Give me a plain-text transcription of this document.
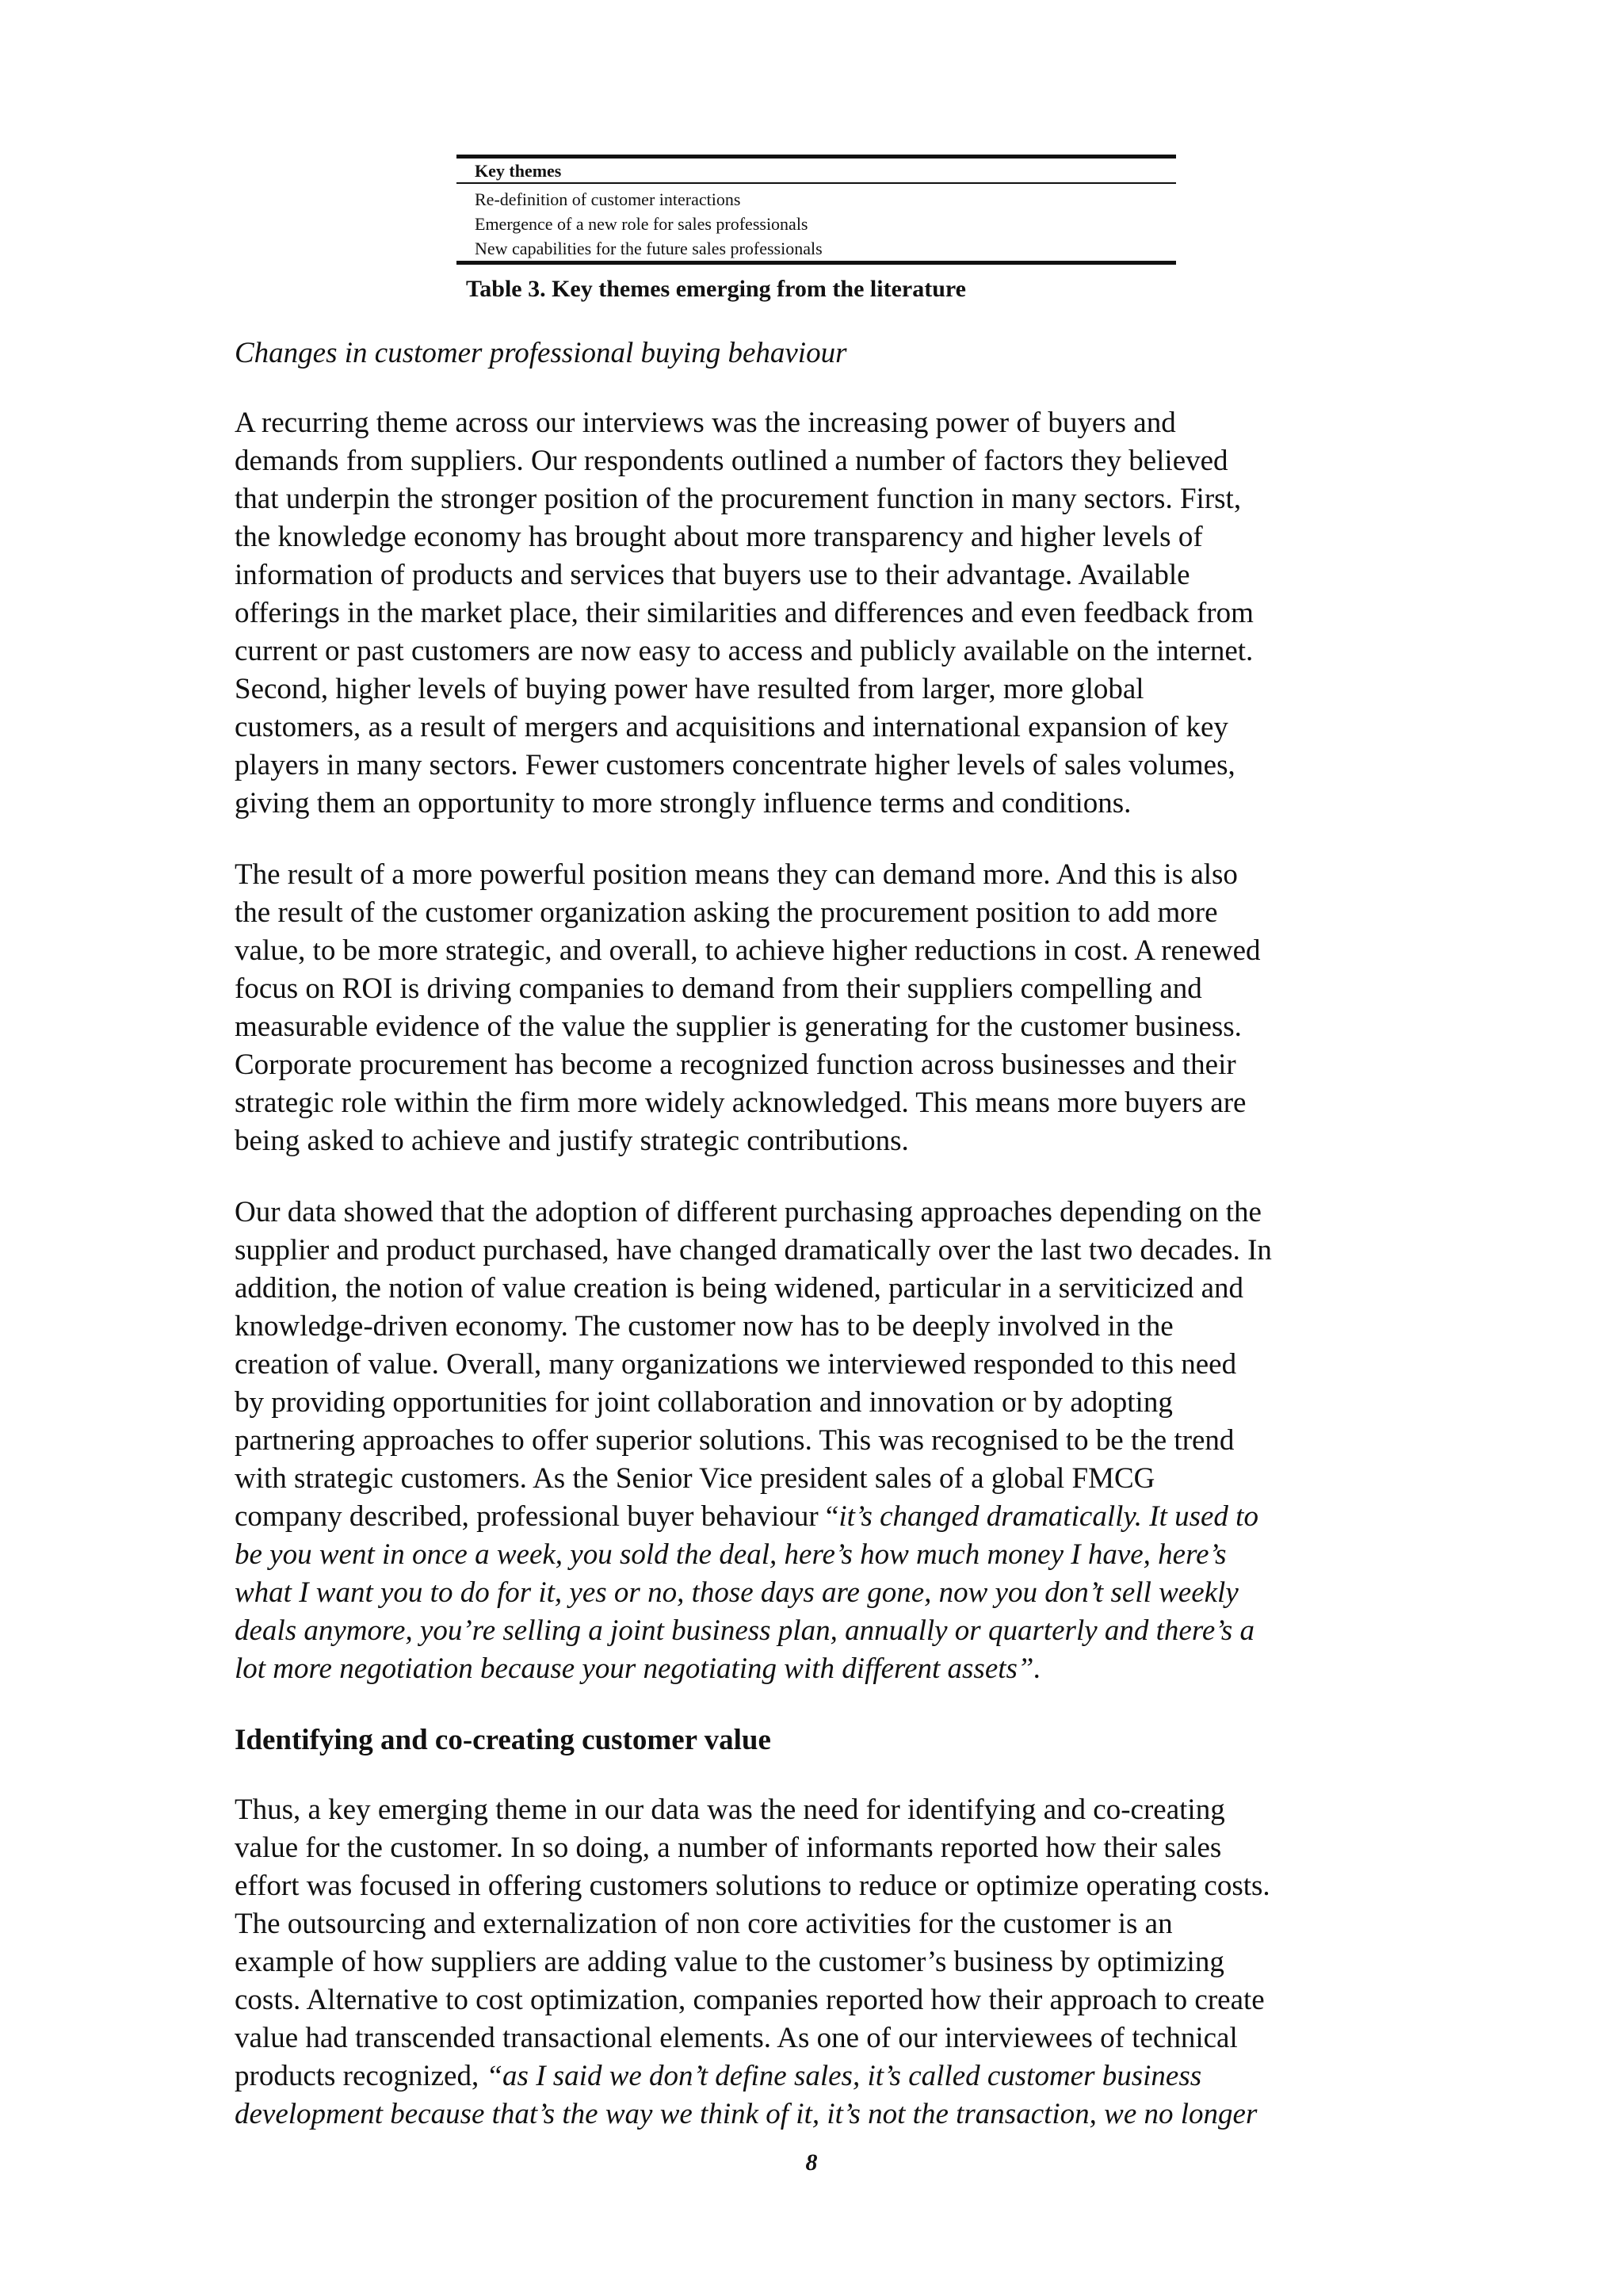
Key themes
Re-definition of customer interactions
Emergence of a new role for sales professionals
New capabilities for the future sales professionals
Table 3. Key themes emerging from the literature
Changes in customer professional buying behaviour
A recurring theme across our interviews was the increasing power of buyers and
demands from suppliers. Our respondents outlined a number of factors they believed
that underpin the stronger position of the procurement function in many sectors. First,
the knowledge economy has brought about more transparency and higher levels of
information of products and services that buyers use to their advantage. Available
offerings in the market place, their similarities and differences and even feedback from
current or past customers are now easy to access and publicly available on the internet.
Second, higher levels of buying power have resulted from larger, more global
customers, as a result of mergers and acquisitions and international expansion of key
players in many sectors. Fewer customers concentrate higher levels of sales volumes,
giving them an opportunity to more strongly influence terms and conditions.
The result of a more powerful position means they can demand more. And this is also
the result of the customer organization asking the procurement position to add more
value, to be more strategic, and overall, to achieve higher reductions in cost. A renewed
focus on ROI is driving companies to demand from their suppliers compelling and
measurable evidence of the value the supplier is generating for the customer business.
Corporate procurement has become a recognized function across businesses and their
strategic role within the firm more widely acknowledged. This means more buyers are
being asked to achieve and justify strategic contributions.
Our data showed that the adoption of different purchasing approaches depending on the
supplier and product purchased, have changed dramatically over the last two decades. In
addition, the notion of value creation is being widened, particular in a serviticized and
knowledge-driven economy. The customer now has to be deeply involved in the
creation of value. Overall, many organizations we interviewed responded to this need
by providing opportunities for joint collaboration and innovation or by adopting
partnering approaches to offer superior solutions. This was recognised to be the trend
with strategic customers. As the Senior Vice president sales of a global FMCG
company described, professional buyer behaviour “it’s changed dramatically. It used to
be you went in once a week, you sold the deal, here’s how much money I have, here’s
what I want you to do for it, yes or no, those days are gone, now you don’t sell weekly
deals anymore, you’re selling a joint business plan, annually or quarterly and there’s a
lot more negotiation because your negotiating with different assets”.
Identifying and co-creating customer value
Thus, a key emerging theme in our data was the need for identifying and co-creating
value for the customer. In so doing, a number of informants reported how their sales
effort was focused in offering customers solutions to reduce or optimize operating costs.
The outsourcing and externalization of non core activities for the customer is an
example of how suppliers are adding value to the customer’s business by optimizing
costs. Alternative to cost optimization, companies reported how their approach to create
value had transcended transactional elements. As one of our interviewees of technical
products recognized, “as I said we don’t define sales, it’s called customer business
development because that’s the way we think of it, it’s not the transaction, we no longer
8
